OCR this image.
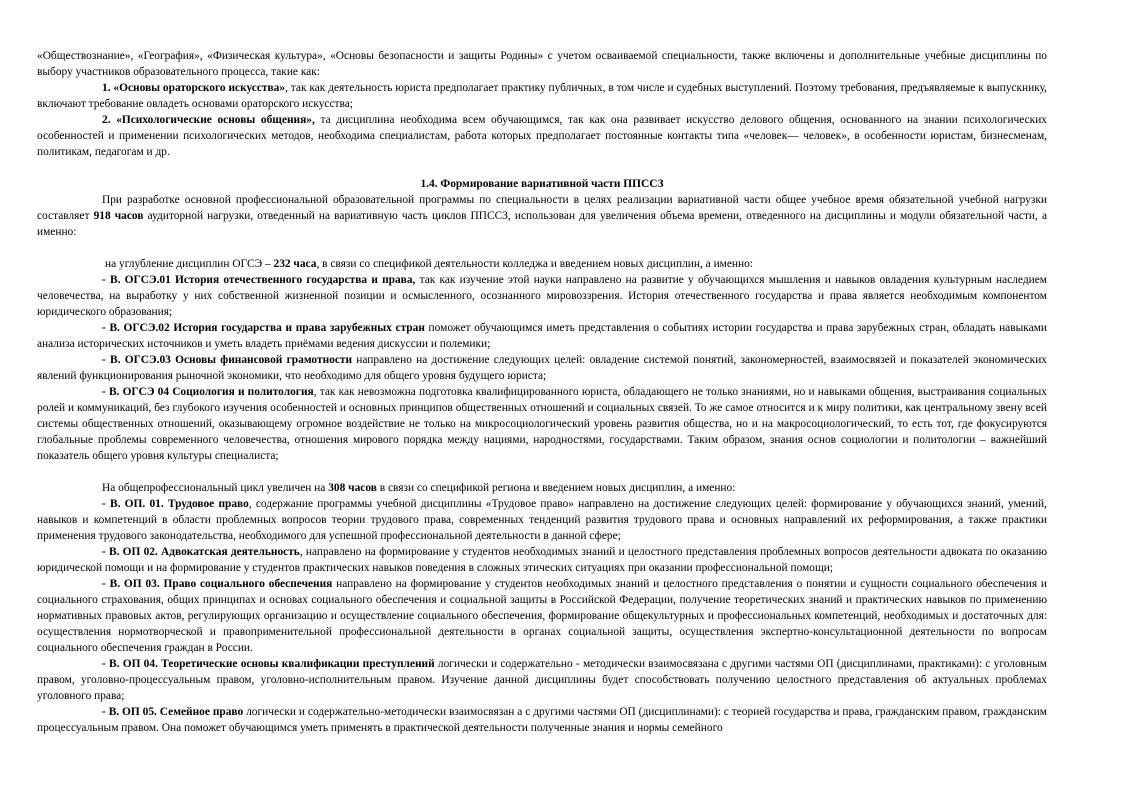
«Обществознание», «География», «Физическая культура», «Основы безопасности и защиты Родины» с учетом осваиваемой специальности, также включены и дополнительные учебные дисциплины по выбору участников образовательного процесса, такие как:

1. «Основы ораторского искусства», так как деятельность юриста предполагает практику публичных, в том числе и судебных выступлений. Поэтому требования, предъявляемые к выпускнику, включают требование овладеть основами ораторского искусства;

2. «Психологические основы общения», та дисциплина необходима всем обучающимся, так как она развивает искусство делового общения, основанного на знании психологических особенностей и применении психологических методов, необходима специалистам, работа которых предполагает постоянные контакты типа «человек— человек», в особенности юристам, бизнесменам, политикам, педагогам и др.

1.4. Формирование вариативной части ППССЗ

При разработке основной профессиональной образовательной программы по специальности в целях реализации вариативной части общее учебное время обязательной учебной нагрузки составляет 918 часов аудиторной нагрузки, отведенный на вариативную часть циклов ППССЗ, использован для увеличения объема времени, отведенного на дисциплины и модули обязательной части, а именно:

на углубление дисциплин ОГСЭ – 232 часа, в связи со спецификой деятельности колледжа и введением новых дисциплин, а именно:

- В. ОГСЭ.01 История отечественного государства и права, так как изучение этой науки направлено на развитие у обучающихся мышления и навыков овладения культурным наследием человечества, на выработку у них собственной жизненной позиции и осмысленного, осознанного мировоззрения. История отечественного государства и права является необходимым компонентом юридического образования;

- В. ОГСЭ.02 История государства и права зарубежных стран поможет обучающимся иметь представления о событиях истории государства и права зарубежных стран, обладать навыками анализа исторических источников и уметь владеть приёмами ведения дискуссии и полемики;

- В. ОГСЭ.03 Основы финансовой грамотности направлено на достижение следующих целей: овладение системой понятий, закономерностей, взаимосвязей и показателей экономических явлений функционирования рыночной экономики, что необходимо для общего уровня будущего юриста;

- В. ОГСЭ 04 Социология и политология, так как невозможна подготовка квалифицированного юриста, обладающего не только знаниями, но и навыками общения, выстраивания социальных ролей и коммуникаций, без глубокого изучения особенностей и основных принципов общественных отношений и социальных связей. То же самое относится и к миру политики, как центральному звену всей системы общественных отношений, оказывающему огромное воздействие не только на микросоциологический уровень развития общества, но и на макросоциологический, то есть тот, где фокусируются глобальные проблемы современного человечества, отношения мирового порядка между нациями, народностями, государствами. Таким образом, знания основ социологии и политологии – важнейший показатель общего уровня культуры специалиста;

На общепрофессиональный цикл увеличен на 308 часов в связи со спецификой региона и введением новых дисциплин, а именно:

- В. ОП. 01. Трудовое право, содержание программы учебной дисциплины «Трудовое право» направлено на достижение следующих целей: формирование у обучающихся знаний, умений, навыков и компетенций в области проблемных вопросов теории трудового права, современных тенденций развития трудового права и основных направлений их реформирования, а также практики применения трудового законодательства, необходимого для успешной профессиональной деятельности в данной сфере;

- В. ОП 02. Адвокатская деятельность, направлено на формирование у студентов необходимых знаний и целостного представления проблемных вопросов деятельности адвоката по оказанию юридической помощи и на формирование у студентов практических навыков поведения в сложных этических ситуациях при оказании профессиональной помощи;

- В. ОП 03. Право социального обеспечения направлено на формирование у студентов необходимых знаний и целостного представления о понятии и сущности социального обеспечения и социального страхования, общих принципах и основах социального обеспечения и социальной защиты в Российской Федерации, получение теоретических знаний и практических навыков по применению нормативных правовых актов, регулирующих организацию и осуществление социального обеспечения, формирование общекультурных и профессиональных компетенций, необходимых и достаточных для: осуществления нормотворческой и правоприменительной профессиональной деятельности в органах социальной защиты, осуществления экспертно-консультационной деятельности по вопросам социального обеспечения граждан в России.

- В. ОП 04. Теоретические основы квалификации преступлений логически и содержательно - методически взаимосвязана с другими частями ОП (дисциплинами, практиками): с уголовным правом, уголовно-процессуальным правом, уголовно-исполнительным правом. Изучение данной дисциплины будет способствовать получению целостного представления об актуальных проблемах уголовного права;

- В. ОП 05. Семейное право логически и содержательно-методически взаимосвязан а с другими частями ОП (дисциплинами): с теорией государства и права, гражданским правом, гражданским процессуальным правом. Она поможет обучающимся уметь применять в практической деятельности полученные знания и нормы семейного
